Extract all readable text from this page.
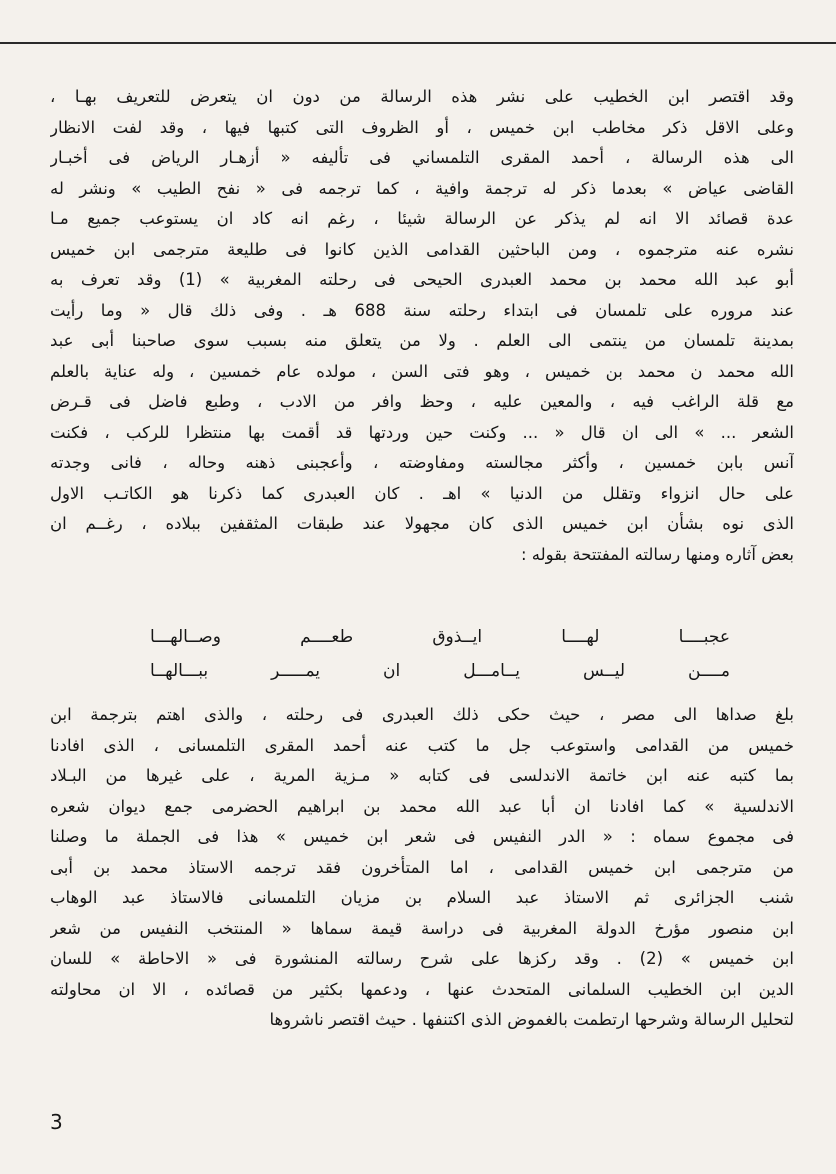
وقد اقتصر ابن الخطيب على نشر هذه الرسالة من دون ان يتعرض للتعريف بهـا ،
وعلى الاقل ذكر مخاطب ابن خميس ، أو الظروف التى كتبها فيها ، وقد لفت الانظار
الى هذه الرسالة ، أحمد المقرى التلمساني فى تأليفه « أزهـار الرياض فى أخبـار
القاضى عياض » بعدما ذكر له ترجمة وافية ، كما ترجمه فى « نفح الطيب » ونشر له
عدة قصائد الا انه لم يذكر عن الرسالة شيئا ، رغم انه كاد ان يستوعب جميع مـا
نشره عنه مترجموه ، ومن الباحثين القدامى الذين كانوا فى طليعة مترجمى ابن خميس
أبو عبد الله محمد بن محمد العبدرى الحيحى فى رحلته المغربية » (1) وقد تعرف به
عند مروره على تلمسان فى ابتداء رحلته سنة 688 هـ . وفى ذلك قال « وما رأيت
بمدينة تلمسان من ينتمى الى العلم . ولا من يتعلق منه بسبب سوى صاحبنا أبى عبد
الله محمد ن محمد بن خميس ، وهو فتى السن ، مولده عام خمسين ، وله عناية بالعلم
مع قلة الراغب فيه ، والمعين عليه ، وحظ وافر من الادب ، وطبع فاضل فى قـرض
الشعر ... » الى ان قال « ... وكنت حين وردتها قد أقمت بها منتظرا للركب ، فكنت
آنس بابن خمسين ، وأكثر مجالسته ومفاوضته ، وأعجبنى ذهنه وحاله ، فانى وجدته
على حال انزواء وتقلل من الدنيا » اهـ . كان العبدرى كما ذكرنا هو الكاتـب الاول
الذى نوه بشأن ابن خميس الذى كان مجهولا عند طبقات المثقفين ببلاده ، رغــم ان
بعض آثاره ومنها رسالته المفتتحة بقوله :
عجبــــا لهــــا ايــذوق طعــــم وصــالهـــا
مــــن ليــس يــامـــل ان يمـــــر ببـــالهــا
بلغ صداها الى مصر ، حيث حكى ذلك العبدرى فى رحلته ، والذى اهتم بترجمة ابن
خميس من القدامى واستوعب جل ما كتب عنه أحمد المقرى التلمسانى ، الذى افادنا
بما كتبه عنه ابن خاتمة الاندلسى فى كتابه « مـزية المرية ، على غيرها من البـلاد
الاندلسية » كما افادنا ان أبا عبد الله محمد بن ابراهيم الحضرمى جمع ديوان شعره
فى مجموع سماه : « الدر النفيس فى شعر ابن خميس » هذا فى الجملة ما وصلنا
من مترجمى ابن خميس القدامى ، اما المتأخرون فقد ترجمه الاستاذ محمد بن أبى
شنب الجزائرى ثم الاستاذ عبد السلام بن مزيان التلمسانى فالاستاذ عبد الوهاب
ابن منصور مؤرخ الدولة المغربية فى دراسة قيمة سماها « المنتخب النفيس من شعر
ابن خميس » (2) . وقد ركزها على شرح رسالته المنشورة فى « الاحاطة » للسان
الدين ابن الخطيب السلمانى المتحدث عنها ، ودعمها بكثير من قصائده ، الا ان محاولته
لتحليل الرسالة وشرحها ارتطمت بالغموض الذى اكتنفها . حيث اقتصر ناشروها
3
